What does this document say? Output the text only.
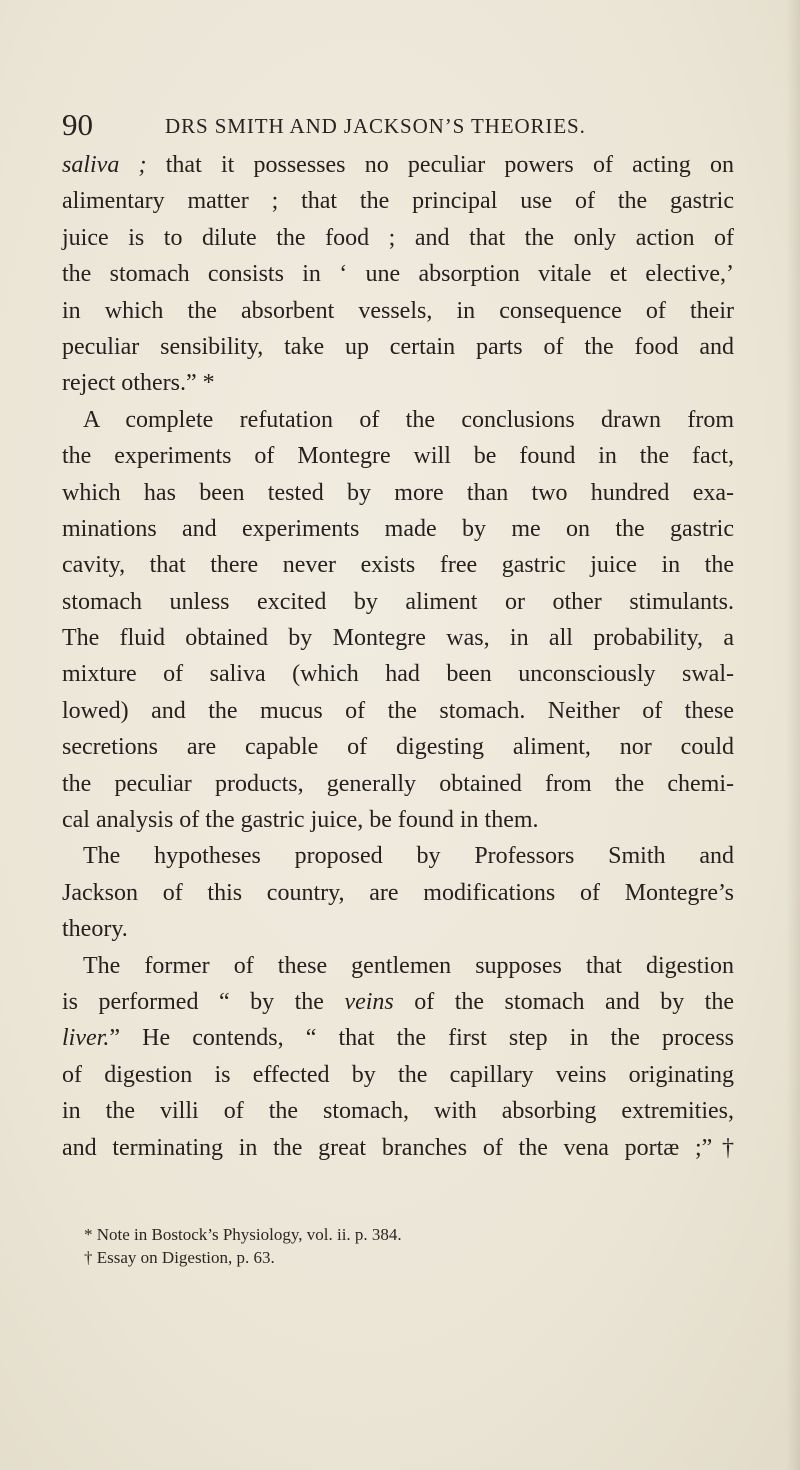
90	DRS SMITH AND JACKSON’S THEORIES.
saliva ; that it possesses no peculiar powers of acting on
alimentary matter ; that the principal use of the gastric
juice is to dilute the food ; and that the only action of
the stomach consists in ‘ une absorption vitale et elective,’
in which the absorbent vessels, in consequence of their
peculiar sensibility, take up certain parts of the food and
reject others.” *
A complete refutation of the conclusions drawn from
the experiments of Montegre will be found in the fact,
which has been tested by more than two hundred exa-
minations and experiments made by me on the gastric
cavity, that there never exists free gastric juice in the
stomach unless excited by aliment or other stimulants.
The fluid obtained by Montegre was, in all probability, a
mixture of saliva (which had been unconsciously swal-
lowed) and the mucus of the stomach. Neither of these
secretions are capable of digesting aliment, nor could
the peculiar products, generally obtained from the chemi-
cal analysis of the gastric juice, be found in them.
The hypotheses proposed by Professors Smith and
Jackson of this country, are modifications of Montegre’s
theory.
The former of these gentlemen supposes that digestion
is performed “ by the veins of the stomach and by the
liver.” He contends, “ that the first step in the process
of digestion is effected by the capillary veins originating
in the villi of the stomach, with absorbing extremities,
and terminating in the great branches of the vena portæ ;”†
* Note in Bostock’s Physiology, vol. ii. p. 384.
† Essay on Digestion, p. 63.
